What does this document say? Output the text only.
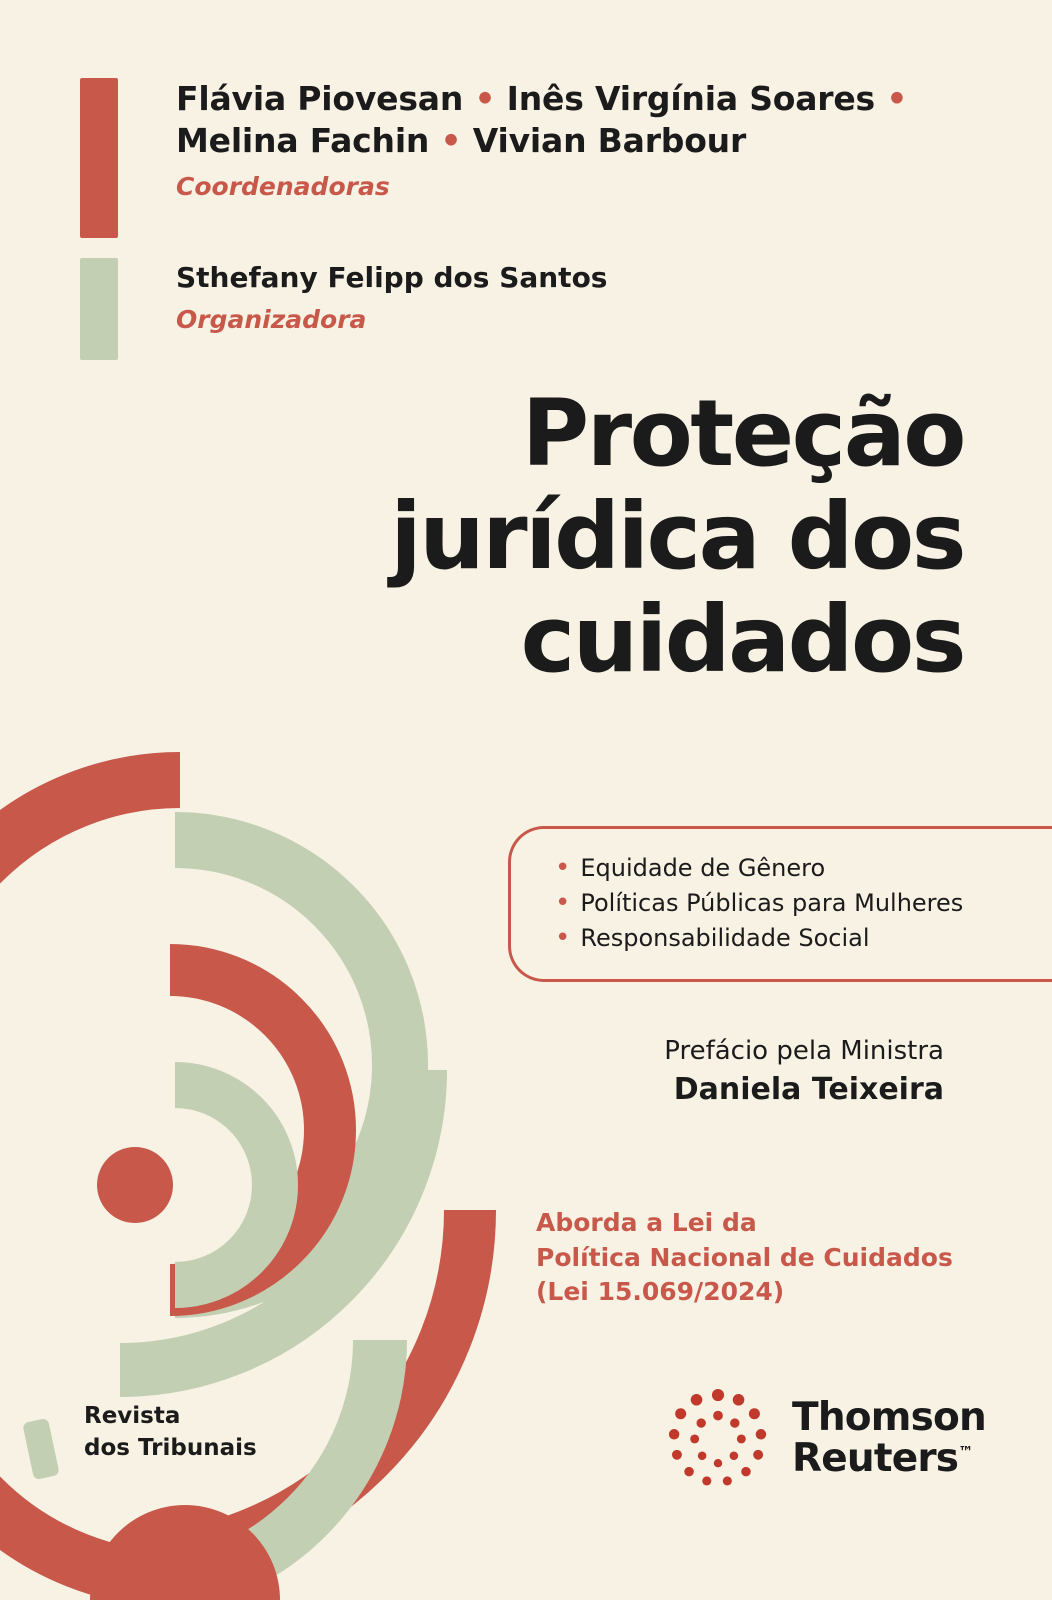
Flávia Piovesan • Inês Virgínia Soares •
Melina Fachin • Vivian Barbour
Coordenadoras
Sthefany Felipp dos Santos
Organizadora
Proteção
jurídica dos
cuidados
• Equidade de Gênero
• Políticas Públicas para Mulheres
• Responsabilidade Social
Prefácio pela Ministra
Daniela Teixeira
Aborda a Lei da
Política Nacional de Cuidados
(Lei 15.069/2024)
Revista
dos Tribunais
Thomson
Reuters™
